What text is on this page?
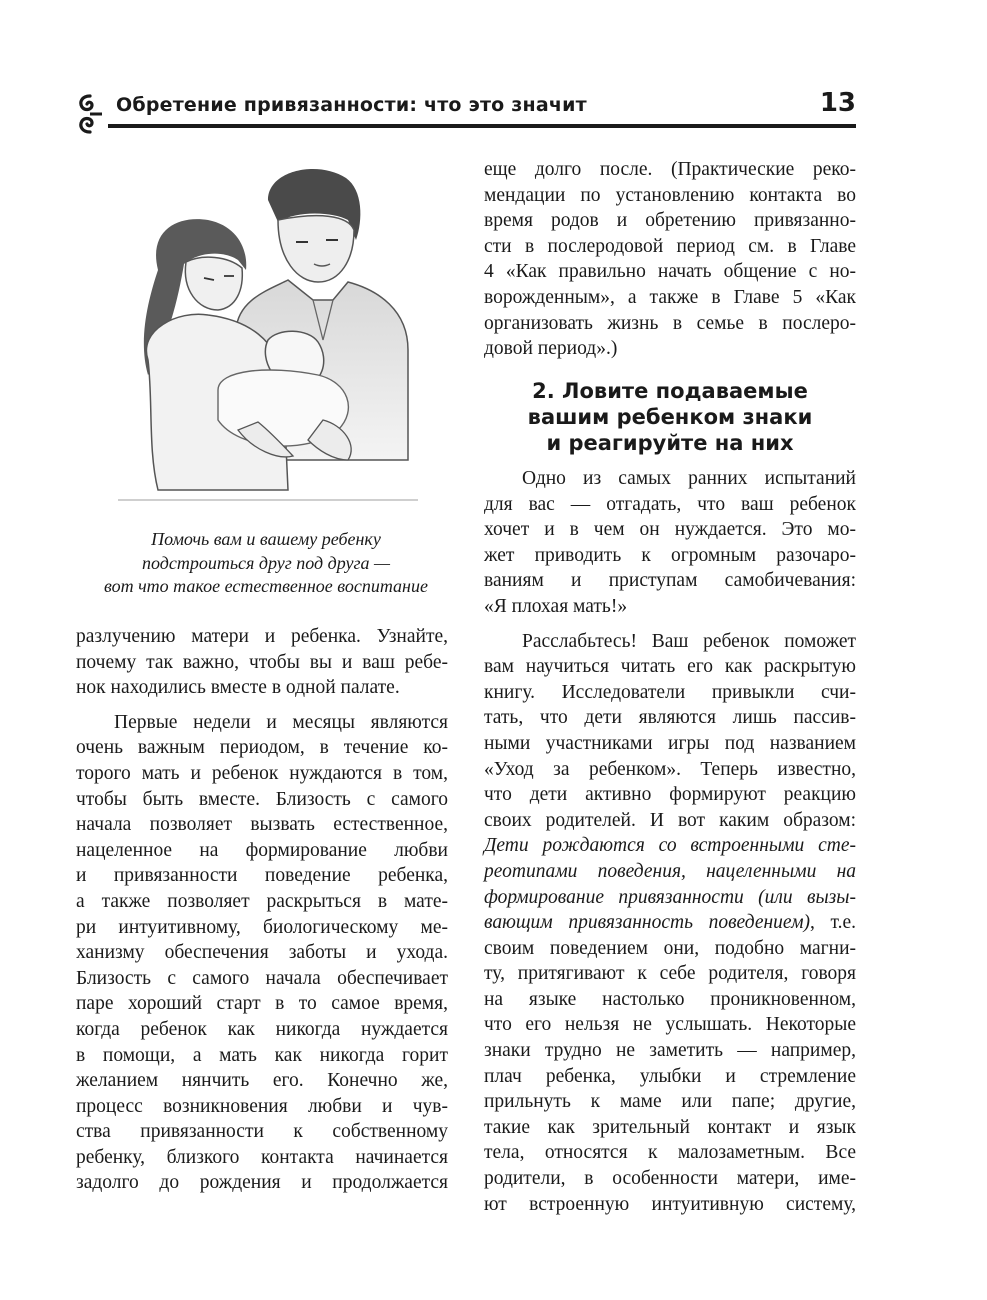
Обретение привязанности: что это значит	13
Помочь вам и вашему ребенку
подстроиться друг под друга —
вот что такое естественное воспитание
разлучению матери и ребенка. Узнайте,
почему так важно, чтобы вы и ваш ребе-
нок находились вместе в одной палате.
Первые недели и месяцы являются
очень важным периодом, в течение ко-
торого мать и ребенок нуждаются в том,
чтобы быть вместе. Близость с самого
начала позволяет вызвать естественное,
нацеленное на формирование любви
и привязанности поведение ребенка,
а также позволяет раскрыться в мате-
ри интуитивному, биологическому ме-
ханизму обеспечения заботы и ухода.
Близость с самого начала обеспечивает
паре хороший старт в то самое время,
когда ребенок как никогда нуждается
в помощи, а мать как никогда горит
желанием нянчить его. Конечно же,
процесс возникновения любви и чув-
ства привязанности к собственному
ребенку, близкого контакта начинается
задолго до рождения и продолжается
еще долго после. (Практические реко-
мендации по установлению контакта во
время родов и обретению привязанно-
сти в послеродовой период см. в Главе
4 «Как правильно начать общение с но-
ворожденным», а также в Главе 5 «Как
организовать жизнь в семье в послеро-
довой период».)
2. Ловите подаваемые
вашим ребенком знаки
и реагируйте на них
Одно из самых ранних испытаний
для вас — отгадать, что ваш ребенок
хочет и в чем он нуждается. Это мо-
жет приводить к огромным разочаро-
ваниям и приступам самобичевания:
«Я плохая мать!»
Расслабьтесь! Ваш ребенок поможет
вам научиться читать его как раскрытую
книгу. Исследователи привыкли счи-
тать, что дети являются лишь пассив-
ными участниками игры под названием
«Уход за ребенком». Теперь известно,
что дети активно формируют реакцию
своих родителей. И вот каким образом:
Дети рождаются со встроенными сте-
реотипами поведения, нацеленными на
формирование привязанности (или вызы-
вающим привязанность поведением), т.е.
своим поведением они, подобно магни-
ту, притягивают к себе родителя, говоря
на языке настолько проникновенном,
что его нельзя не услышать. Некоторые
знаки трудно не заметить — например,
плач ребенка, улыбки и стремление
прильнуть к маме или папе; другие,
такие как зрительный контакт и язык
тела, относятся к малозаметным. Все
родители, в особенности матери, име-
ют встроенную интуитивную систему,
